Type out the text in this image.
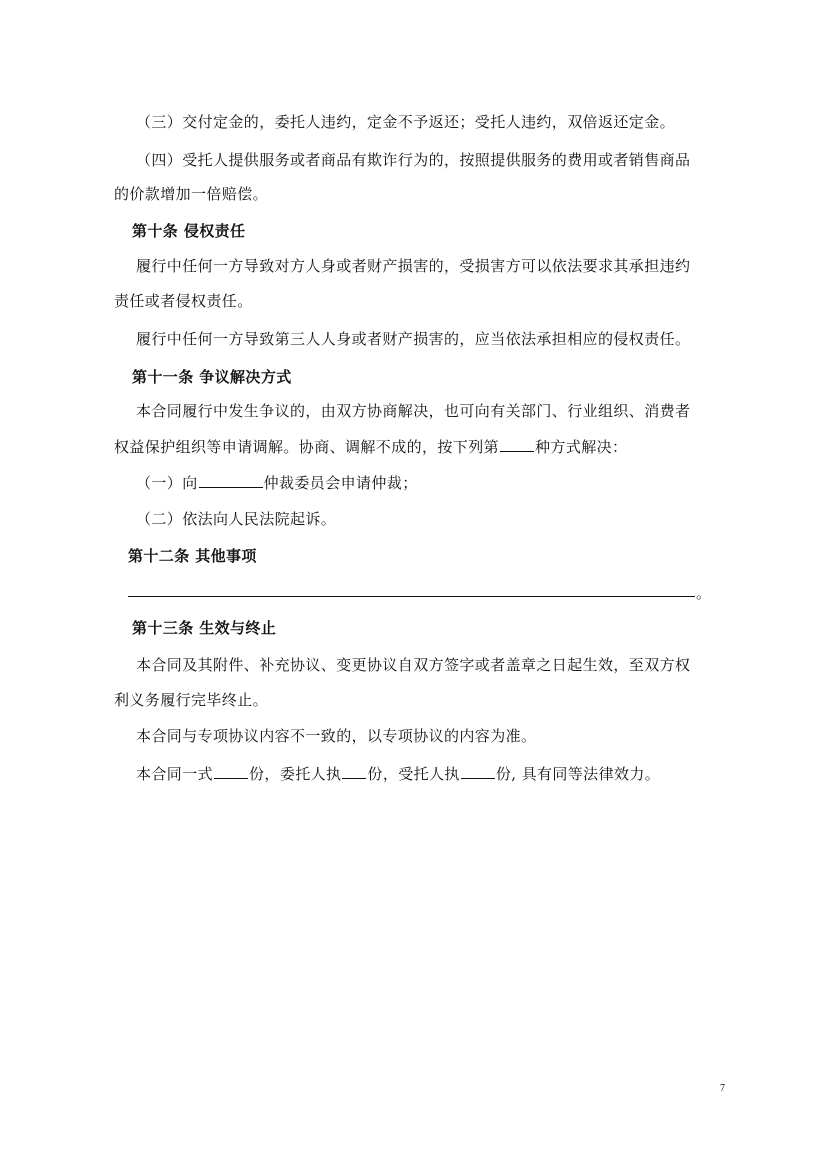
（三）交付定金的，委托人违约，定金不予返还；受托人违约，双倍返还定金。
（四）受托人提供服务或者商品有欺诈行为的，按照提供服务的费用或者销售商品
的价款增加一倍赔偿。
第十条 侵权责任
履行中任何一方导致对方人身或者财产损害的，受损害方可以依法要求其承担违约
责任或者侵权责任。
履行中任何一方导致第三人人身或者财产损害的，应当依法承担相应的侵权责任。
第十一条 争议解决方式
本合同履行中发生争议的，由双方协商解决，也可向有关部门、行业组织、消费者
权益保护组织等申请调解。协商、调解不成的，按下列第 种方式解决：
（一）向	仲裁委员会申请仲裁；
（二）依法向人民法院起诉。
第十二条 其他事项
。
第十三条 生效与终止
本合同及其附件、补充协议、变更协议自双方签字或者盖章之日起生效，至双方权
利义务履行完毕终止。
本合同与专项协议内容不一致的，以专项协议的内容为准。
本合同一式 份，委托人执 份，受托人执 份, 具有同等法律效力。
7
